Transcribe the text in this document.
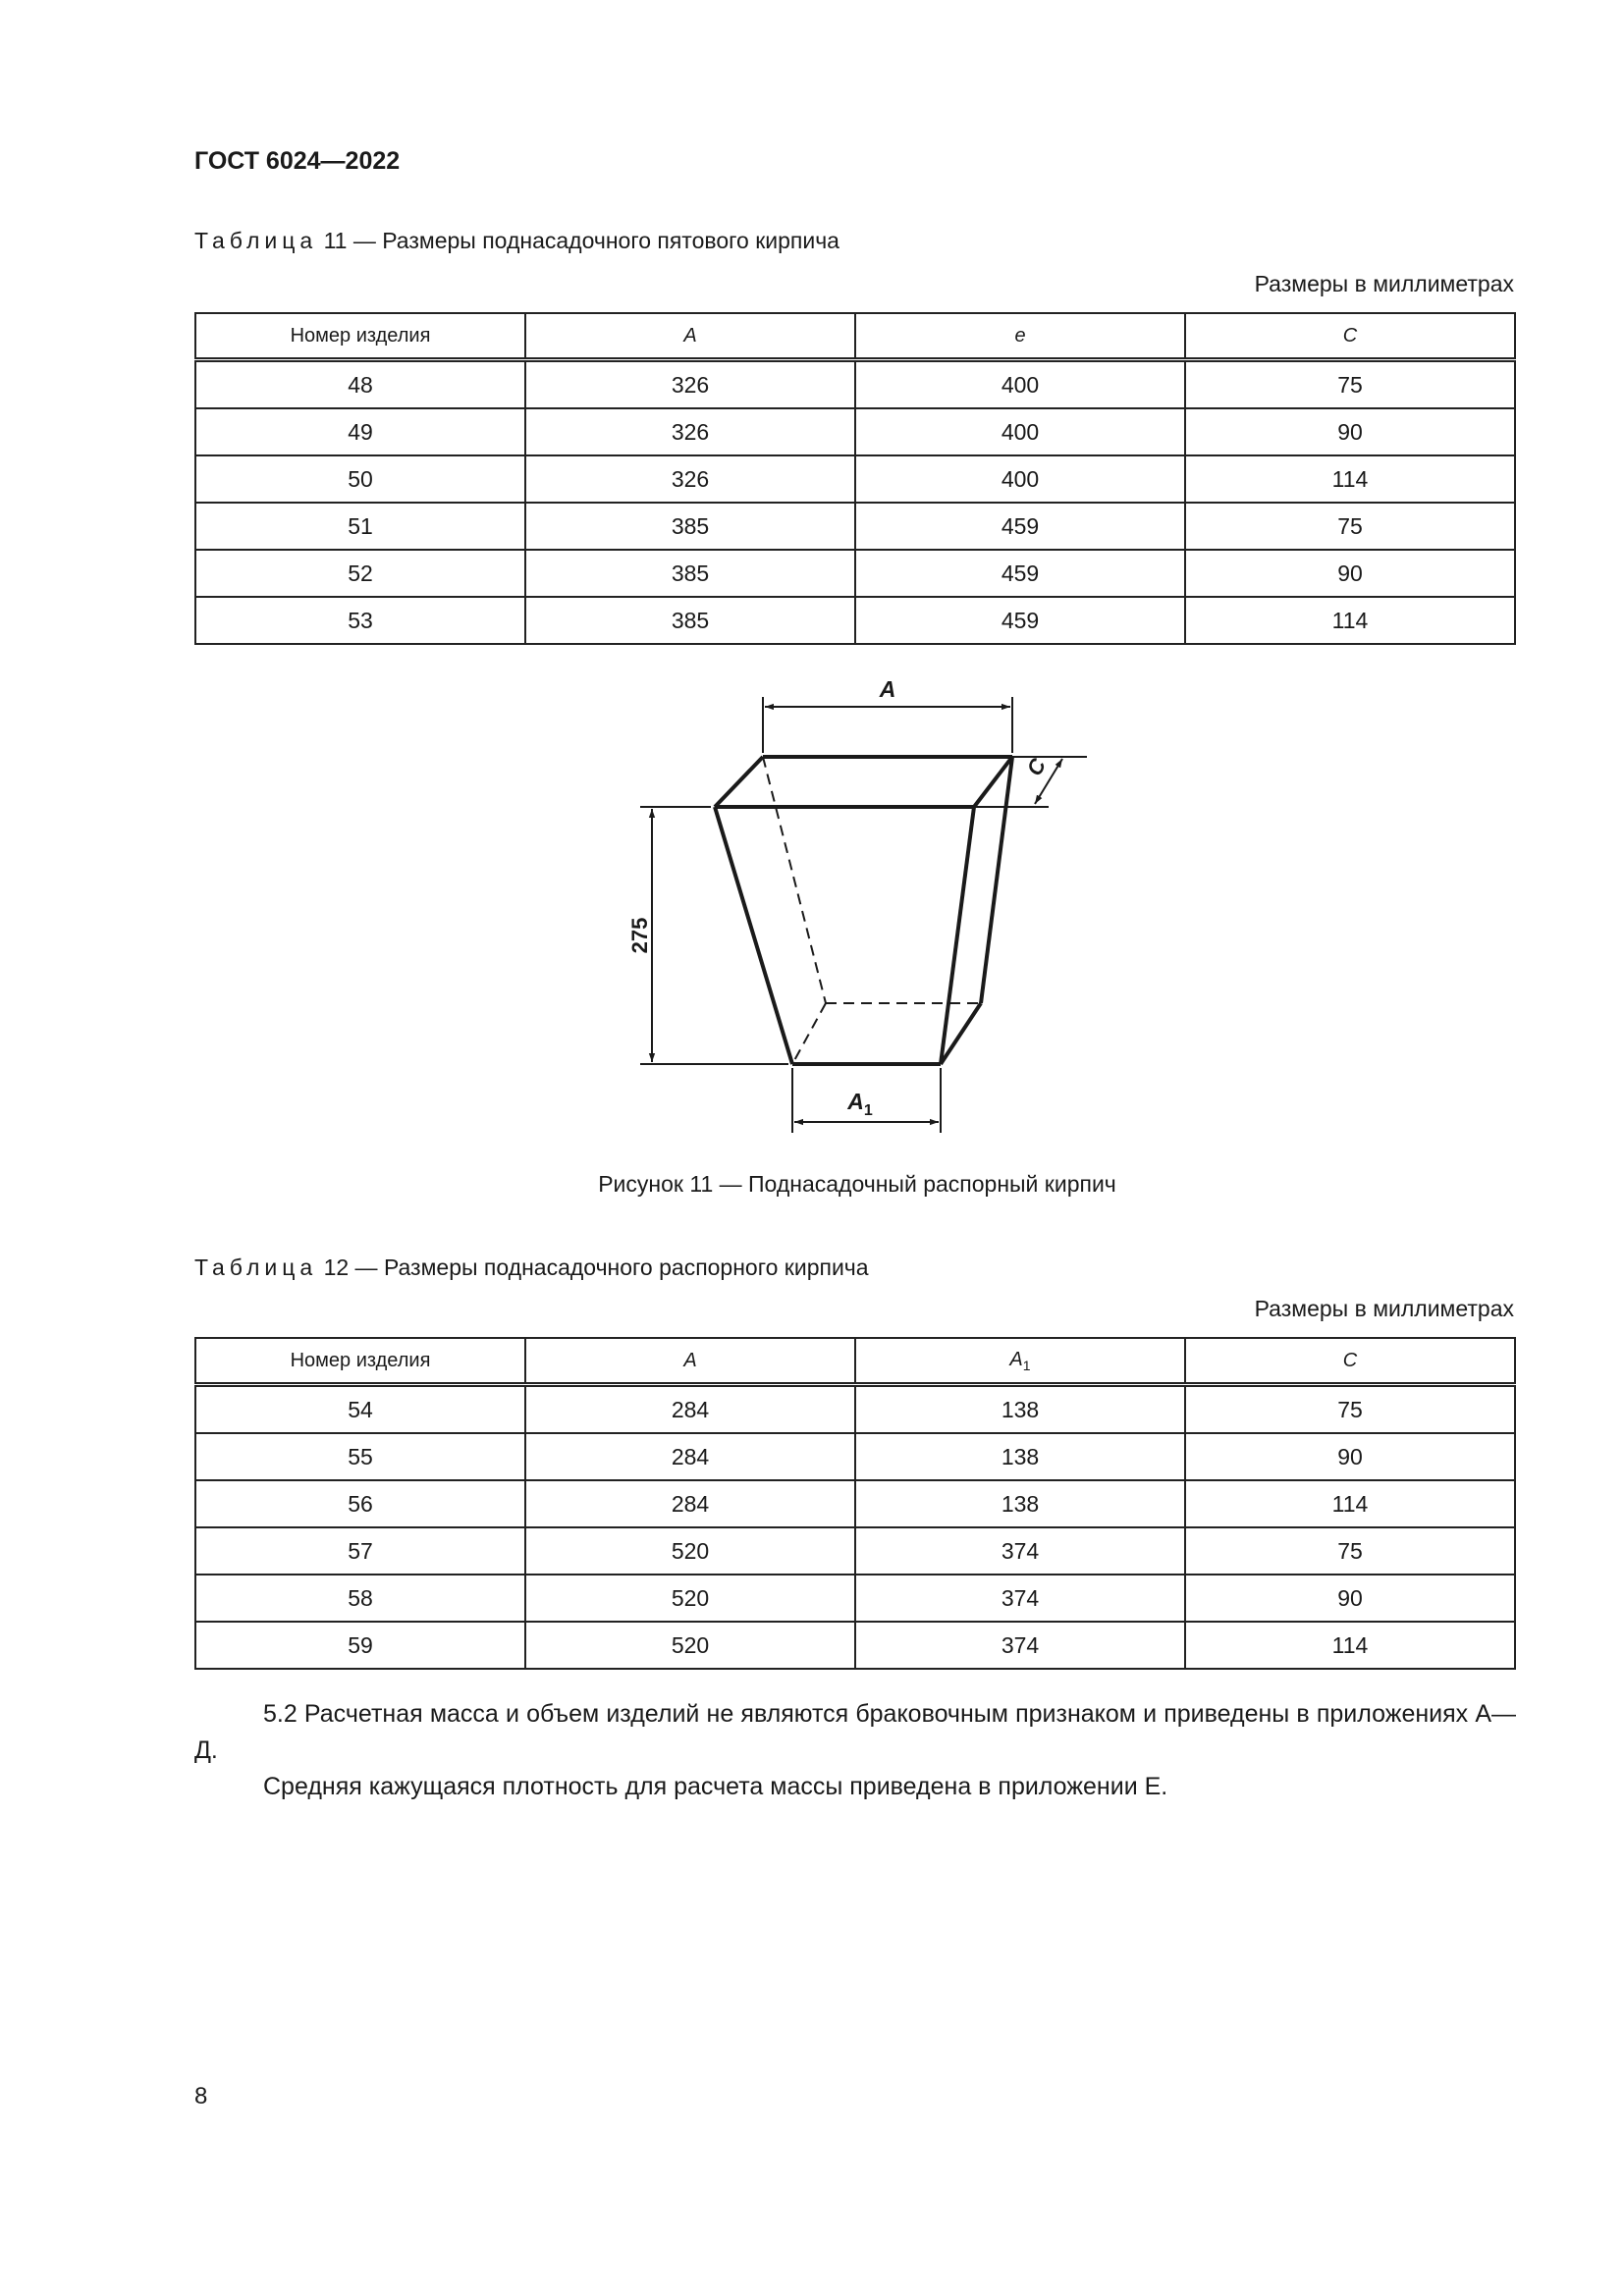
ГОСТ 6024—2022
Таблица 11 — Размеры поднасадочного пятового кирпича
Размеры в миллиметрах
Номер изделия	A	e	C
48	326	400	75
49	326	400	90
50	326	400	114
51	385	459	75
52	385	459	90
53	385	459	114
A
C
275
$A_1$
Рисунок 11 — Поднасадочный распорный кирпич
Таблица 12 — Размеры поднасадочного распорного кирпича
Размеры в миллиметрах
Номер изделия	A	$A_1$	C
54	284	138	75
55	284	138	90
56	284	138	114
57	520	374	75
58	520	374	90
59	520	374	114

5.2 Расчетная масса и объем изделий не являются браковочным признаком и приведены в приложениях А—Д.

Средняя кажущаяся плотность для расчета массы приведена в приложении Е.

8
